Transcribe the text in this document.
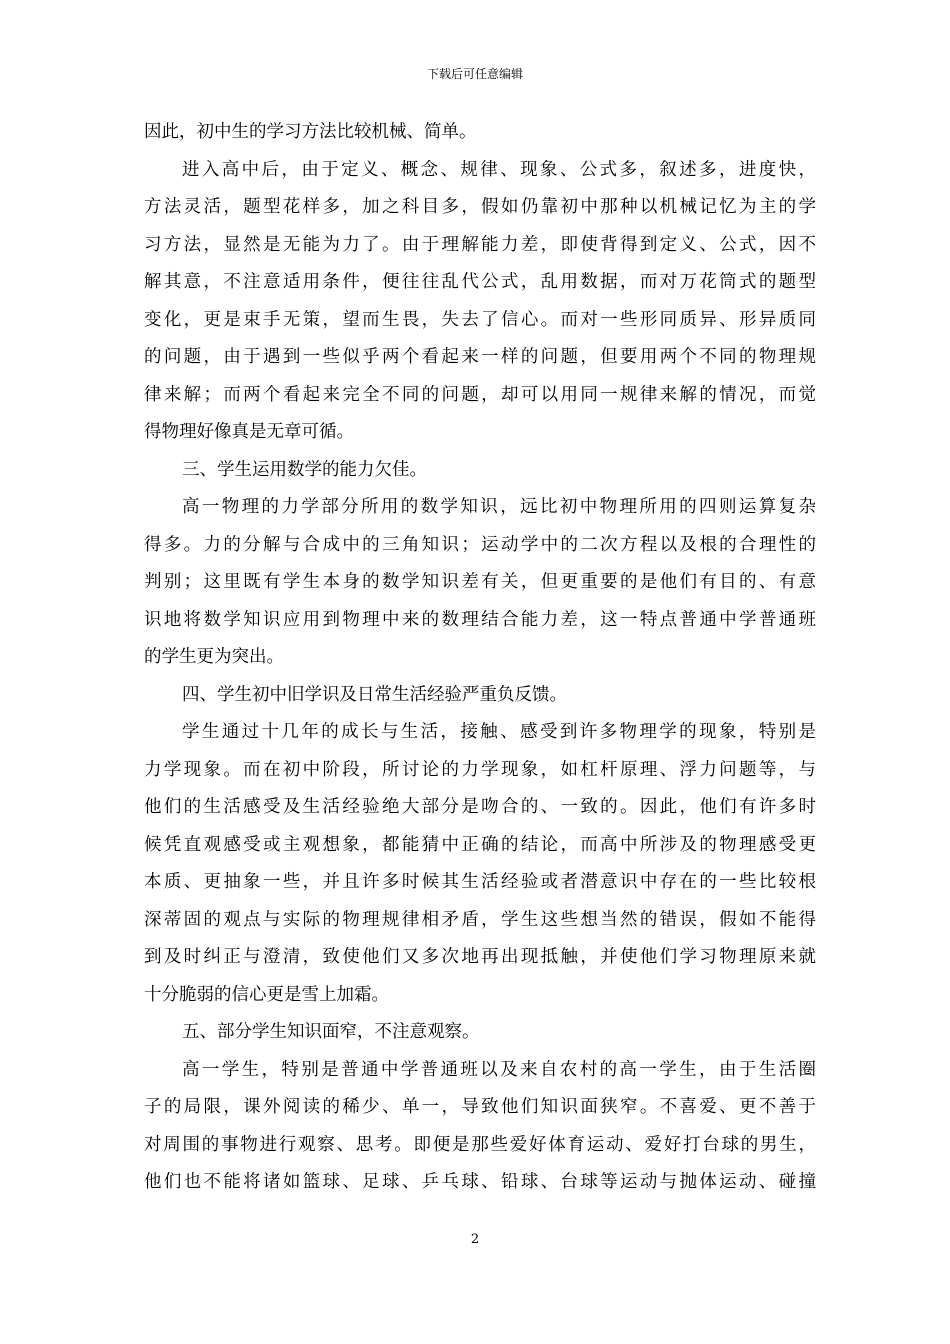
下载后可任意编辑
因此，初中生的学习方法比较机械、简单。
进入高中后，由于定义、概念、规律、现象、公式多，叙述多，进度快，
方法灵活，题型花样多，加之科目多，假如仍靠初中那种以机械记忆为主的学
习方法，显然是无能为力了。由于理解能力差，即使背得到定义、公式，因不
解其意，不注意适用条件，便往往乱代公式，乱用数据，而对万花筒式的题型
变化，更是束手无策，望而生畏，失去了信心。而对一些形同质异、形异质同
的问题，由于遇到一些似乎两个看起来一样的问题，但要用两个不同的物理规
律来解；而两个看起来完全不同的问题，却可以用同一规律来解的情况，而觉
得物理好像真是无章可循。
三、学生运用数学的能力欠佳。
高一物理的力学部分所用的数学知识，远比初中物理所用的四则运算复杂
得多。力的分解与合成中的三角知识；运动学中的二次方程以及根的合理性的
判别；这里既有学生本身的数学知识差有关，但更重要的是他们有目的、有意
识地将数学知识应用到物理中来的数理结合能力差，这一特点普通中学普通班
的学生更为突出。
四、学生初中旧学识及日常生活经验严重负反馈。
学生通过十几年的成长与生活，接触、感受到许多物理学的现象，特别是
力学现象。而在初中阶段，所讨论的力学现象，如杠杆原理、浮力问题等，与
他们的生活感受及生活经验绝大部分是吻合的、一致的。因此，他们有许多时
候凭直观感受或主观想象，都能猜中正确的结论，而高中所涉及的物理感受更
本质、更抽象一些，并且许多时候其生活经验或者潜意识中存在的一些比较根
深蒂固的观点与实际的物理规律相矛盾，学生这些想当然的错误，假如不能得
到及时纠正与澄清，致使他们又多次地再出现抵触，并使他们学习物理原来就
十分脆弱的信心更是雪上加霜。
五、部分学生知识面窄，不注意观察。
高一学生，特别是普通中学普通班以及来自农村的高一学生，由于生活圈
子的局限，课外阅读的稀少、单一，导致他们知识面狭窄。不喜爱、更不善于
对周围的事物进行观察、思考。即便是那些爱好体育运动、爱好打台球的男生，
他们也不能将诸如篮球、足球、乒乓球、铅球、台球等运动与抛体运动、碰撞
2
